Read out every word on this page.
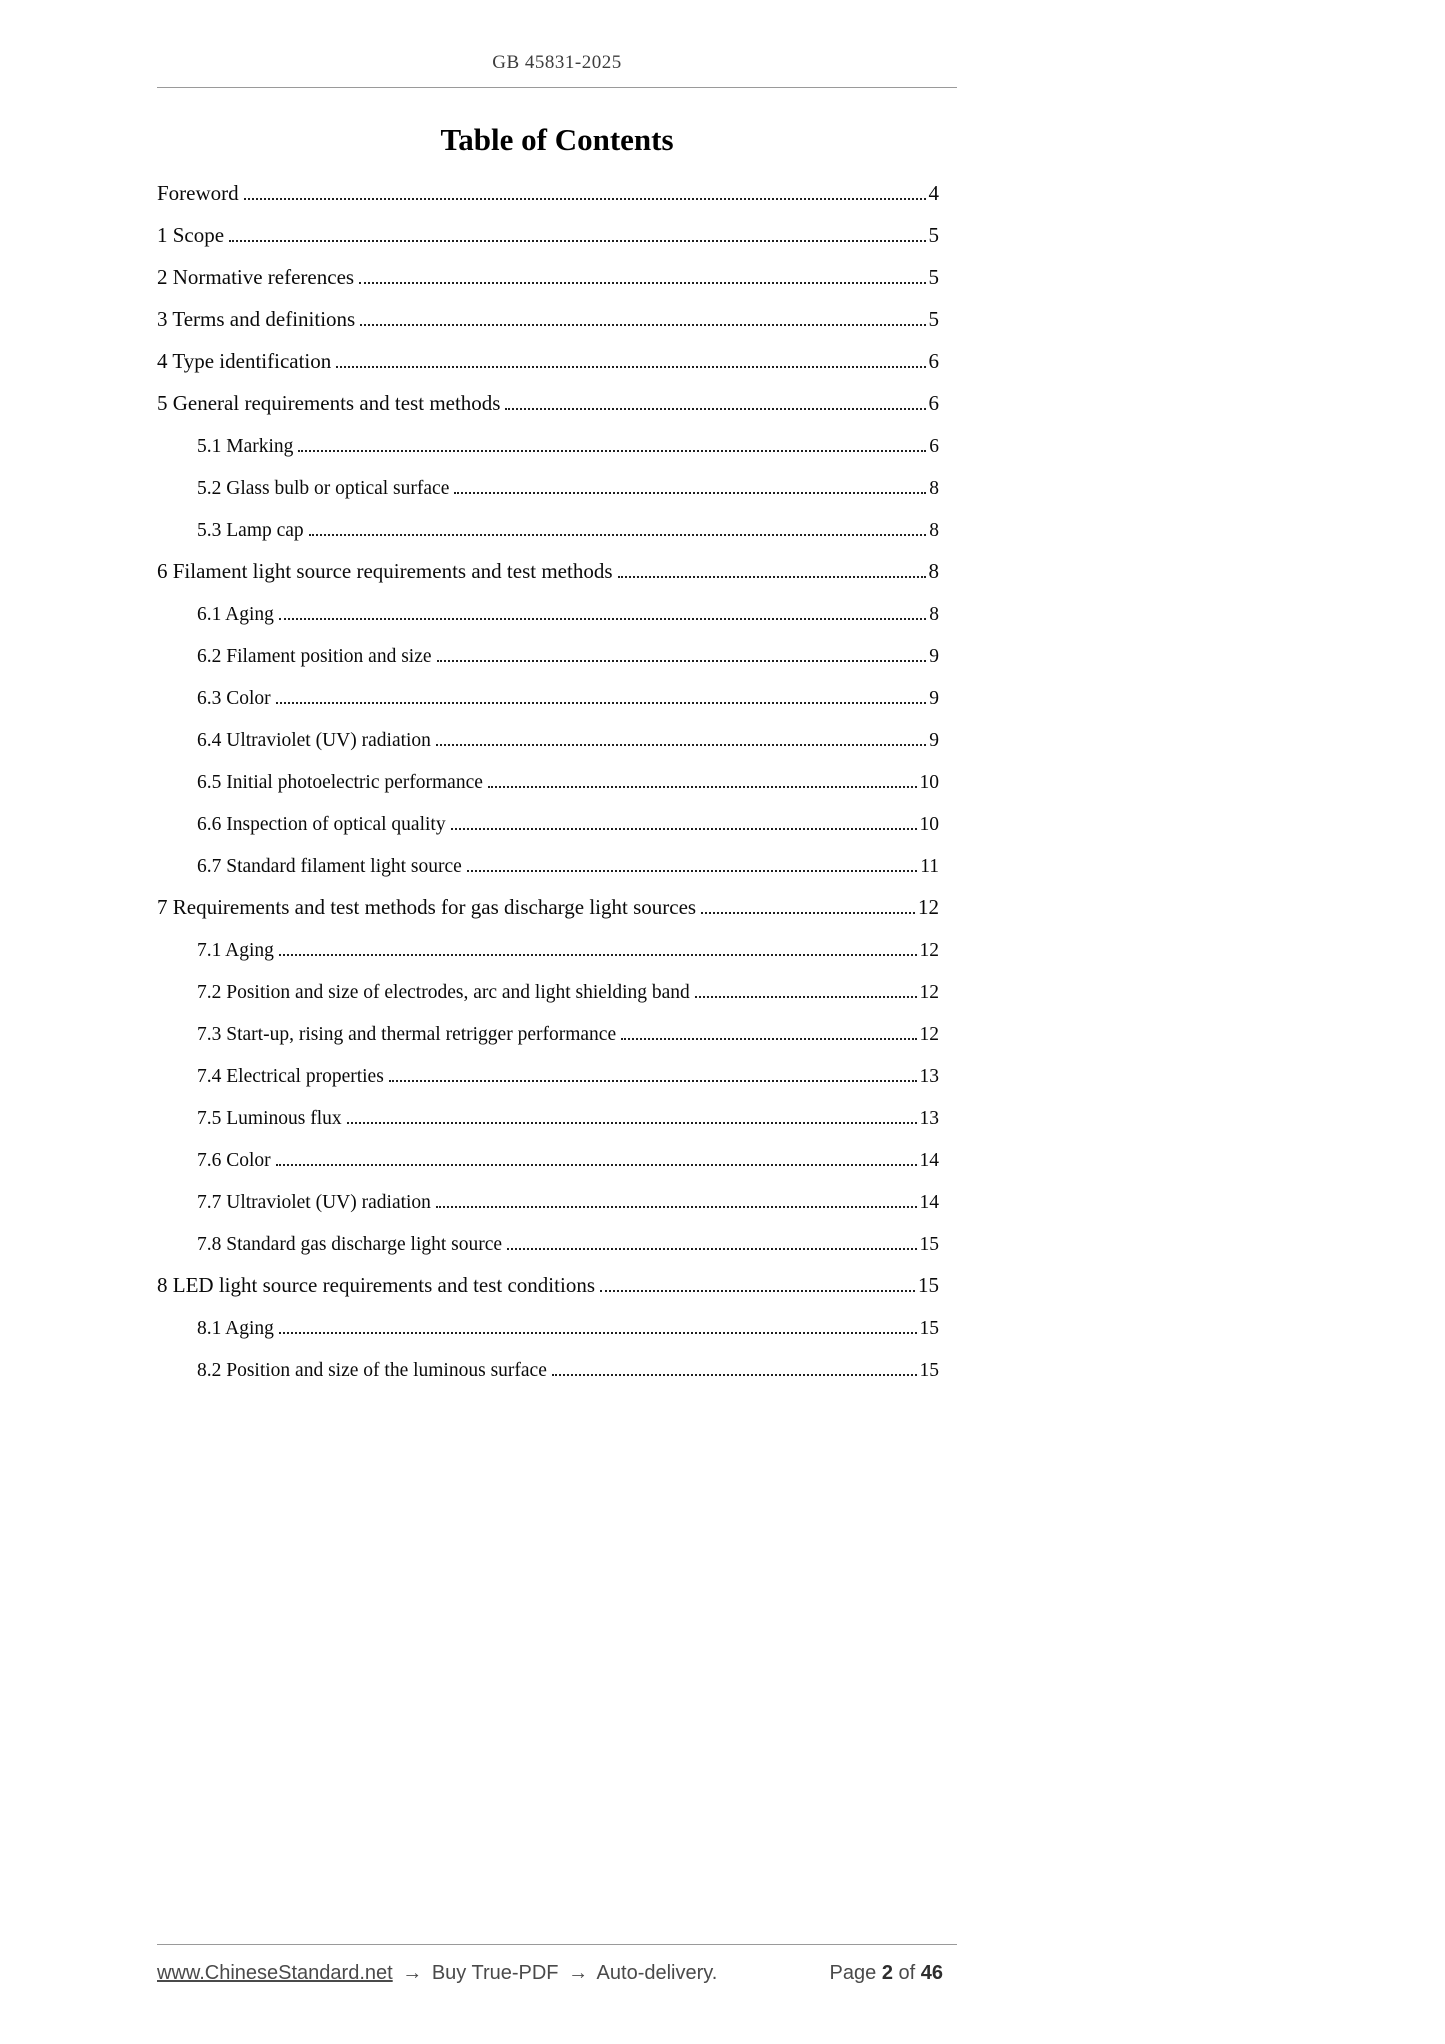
GB 45831-2025
Table of Contents
Foreword	4
1 Scope	5
2 Normative references	5
3 Terms and definitions	5
4 Type identification	6
5 General requirements and test methods	6
5.1 Marking	6
5.2 Glass bulb or optical surface	8
5.3 Lamp cap	8
6 Filament light source requirements and test methods	8
6.1 Aging	8
6.2 Filament position and size	9
6.3 Color	9
6.4 Ultraviolet (UV) radiation	9
6.5 Initial photoelectric performance	10
6.6 Inspection of optical quality	10
6.7 Standard filament light source	11
7 Requirements and test methods for gas discharge light sources	12
7.1 Aging	12
7.2 Position and size of electrodes, arc and light shielding band	12
7.3 Start-up, rising and thermal retrigger performance	12
7.4 Electrical properties	13
7.5 Luminous flux	13
7.6 Color	14
7.7 Ultraviolet (UV) radiation	14
7.8 Standard gas discharge light source	15
8 LED light source requirements and test conditions	15
8.1 Aging	15
8.2 Position and size of the luminous surface	15
www.ChineseStandard.net → Buy True-PDF → Auto-delivery.	Page 2 of 46
